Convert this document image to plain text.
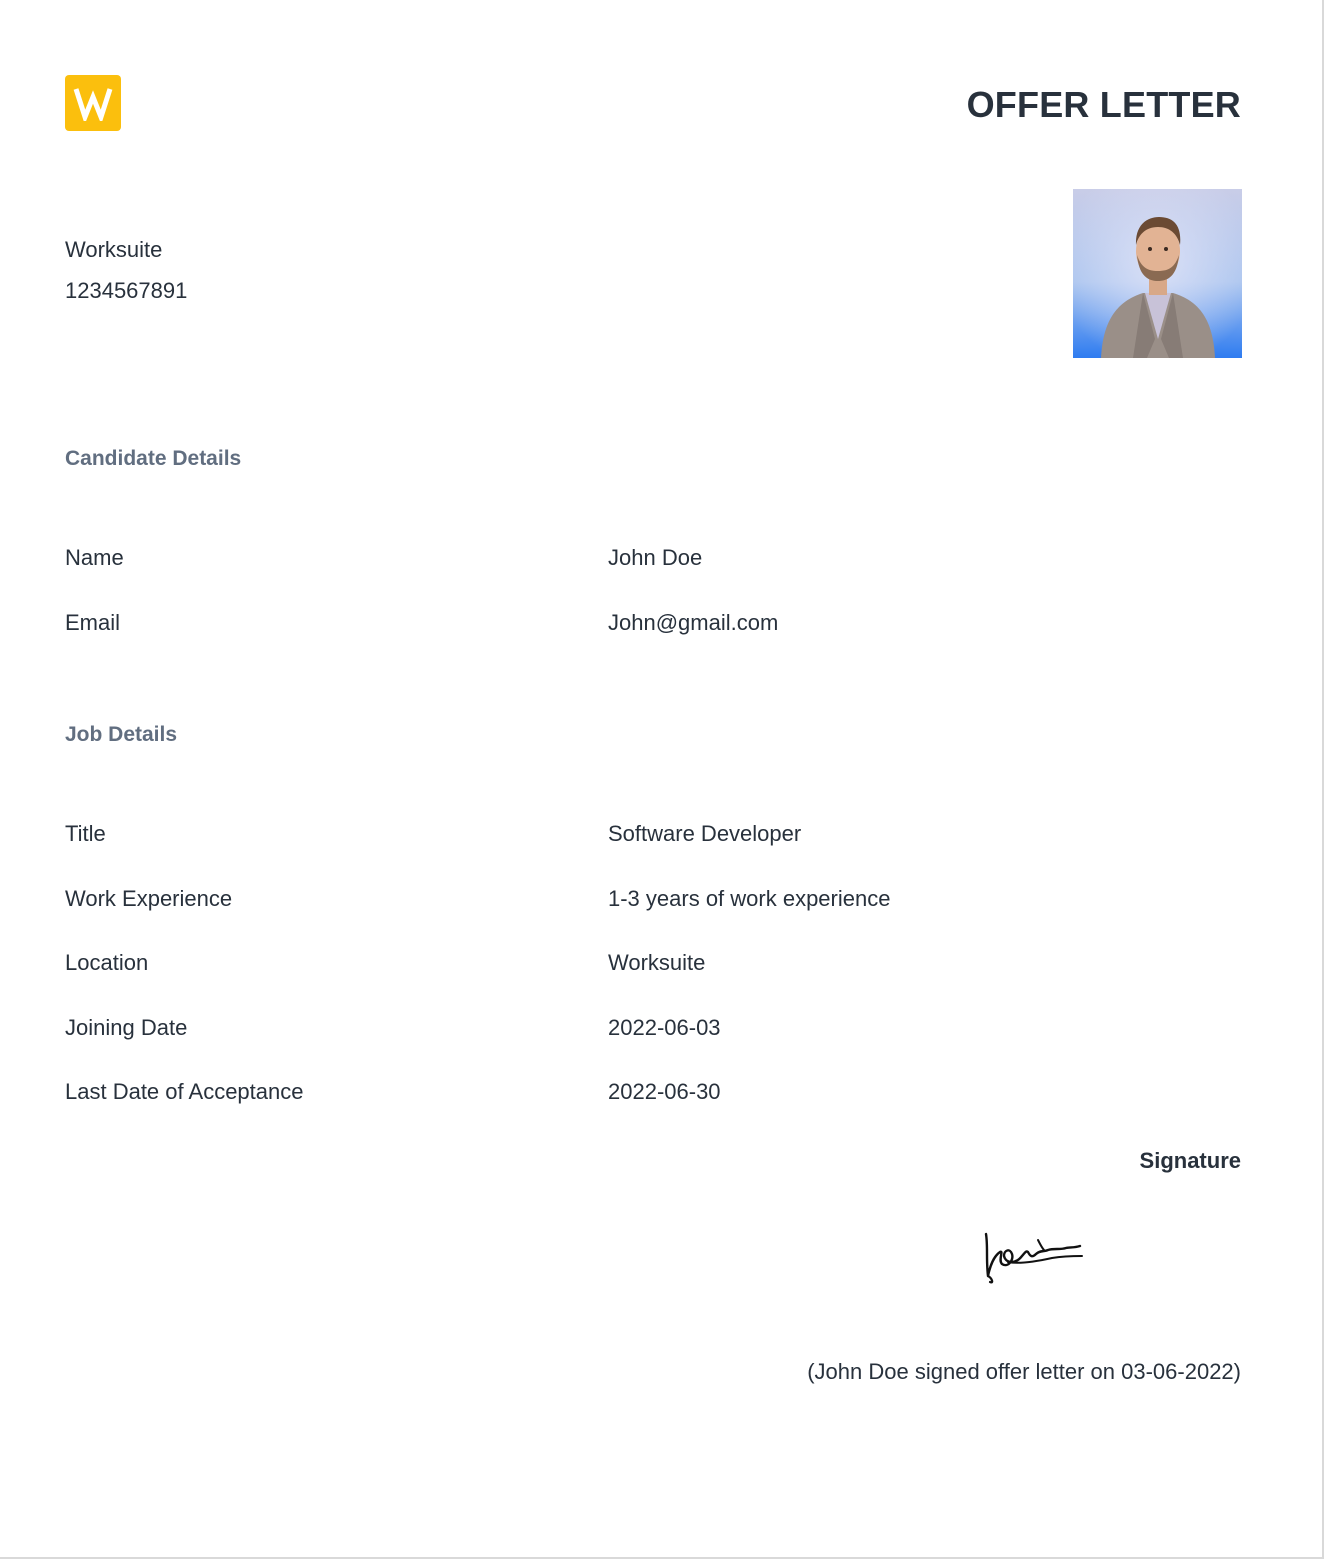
OFFER LETTER
Worksuite
1234567891
Candidate Details
Name	John Doe
Email	John@gmail.com
Job Details
Title	Software Developer
Work Experience	1-3 years of work experience
Location	Worksuite
Joining Date	2022-06-03
Last Date of Acceptance	2022-06-30
Signature
(John Doe signed offer letter on 03-06-2022)
